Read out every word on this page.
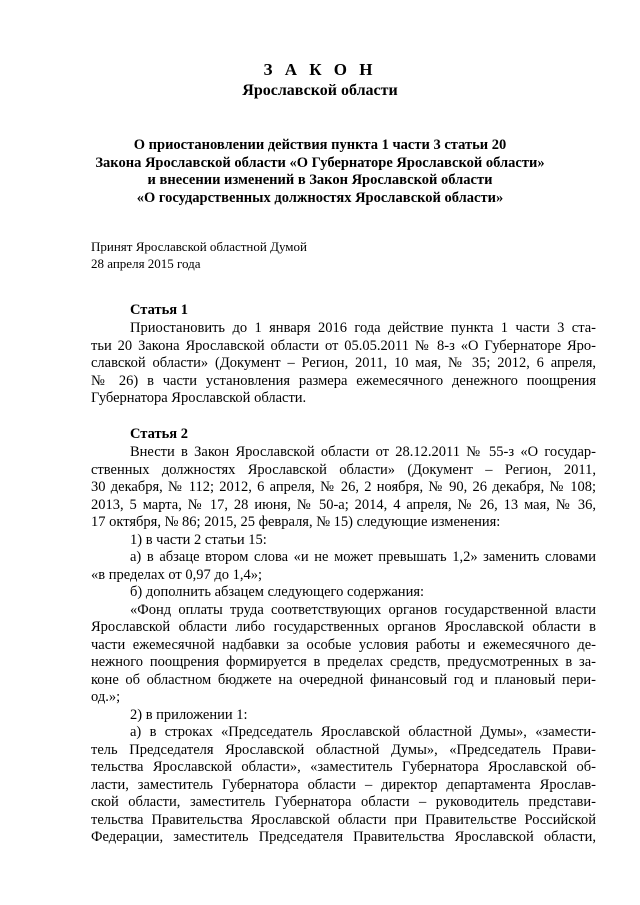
З А К О Н
Ярославской области
О приостановлении действия пункта 1 части 3 статьи 20
Закона Ярославской области «О Губернаторе Ярославской области»
и внесении изменений в Закон Ярославской области
«О государственных должностях Ярославской области»
Принят Ярославской областной Думой
28 апреля 2015 года
Статья 1
Приостановить до 1 января 2016 года действие пункта 1 части 3 ста-
тьи 20 Закона Ярославской области от 05.05.2011 № 8-з «О Губернаторе Яро-
славской области» (Документ – Регион, 2011, 10 мая, № 35; 2012, 6 апреля,
№ 26) в части установления размера ежемесячного денежного поощрения
Губернатора Ярославской области.
Статья 2
Внести в Закон Ярославской области от 28.12.2011 № 55-з «О государ-
ственных должностях Ярославской области» (Документ – Регион, 2011,
30 декабря, № 112; 2012, 6 апреля, № 26, 2 ноября, № 90, 26 декабря, № 108;
2013, 5 марта, № 17, 28 июня, № 50-а; 2014, 4 апреля, № 26, 13 мая, № 36,
17 октября, № 86; 2015, 25 февраля, № 15) следующие изменения:
1) в части 2 статьи 15:
а) в абзаце втором слова «и не может превышать 1,2» заменить словами
«в пределах от 0,97 до 1,4»;
б) дополнить абзацем следующего содержания:
«Фонд оплаты труда соответствующих органов государственной власти
Ярославской области либо государственных органов Ярославской области в
части ежемесячной надбавки за особые условия работы и ежемесячного де-
нежного поощрения формируется в пределах средств, предусмотренных в за-
коне об областном бюджете на очередной финансовый год и плановый пери-
од.»;
2) в приложении 1:
а) в строках «Председатель Ярославской областной Думы», «замести-
тель Председателя Ярославской областной Думы», «Председатель Прави-
тельства Ярославской области», «заместитель Губернатора Ярославской об-
ласти, заместитель Губернатора области – директор департамента Ярослав-
ской области, заместитель Губернатора области – руководитель представи-
тельства Правительства Ярославской области при Правительстве Российской
Федерации, заместитель Председателя Правительства Ярославской области,
